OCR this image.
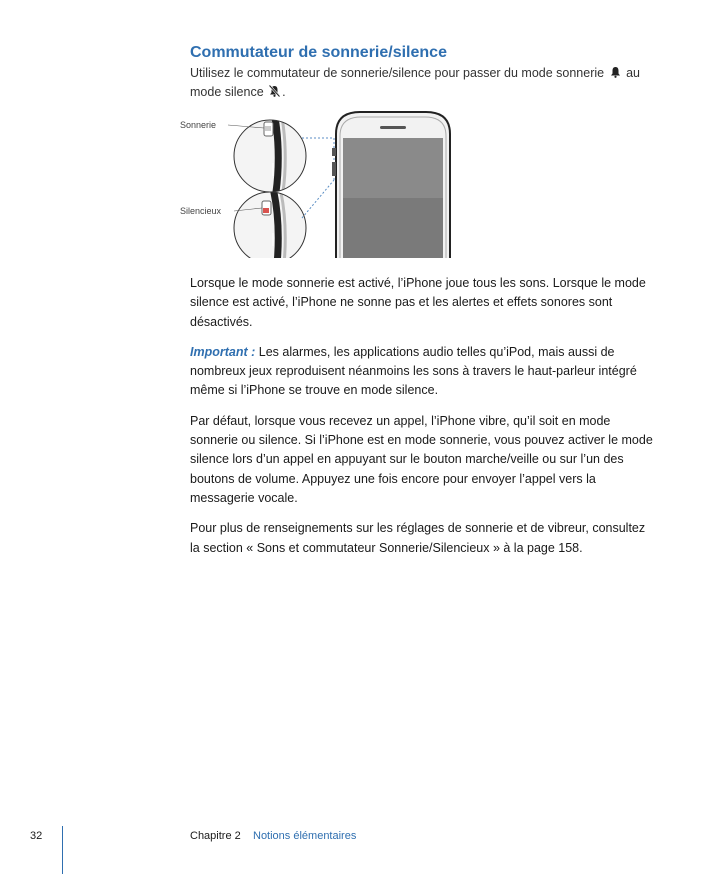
Commutateur de sonnerie/silence
Utilisez le commutateur de sonnerie/silence pour passer du mode sonnerie  au
mode silence .
Sonnerie
Silencieux

Lorsque le mode sonnerie est activé, l’iPhone joue tous les sons. Lorsque le mode silence est activé, l’iPhone ne sonne pas et les alertes et effets sonores sont désactivés.

Important : Les alarmes, les applications audio telles qu’iPod, mais aussi de nombreux jeux reproduisent néanmoins les sons à travers le haut-parleur intégré même si l’iPhone se trouve en mode silence.

Par défaut, lorsque vous recevez un appel, l’iPhone vibre, qu’il soit en mode sonnerie ou silence. Si l’iPhone est en mode sonnerie, vous pouvez activer le mode silence lors d’un appel en appuyant sur le bouton marche/veille ou sur l’un des boutons de volume. Appuyez une fois encore pour envoyer l’appel vers la messagerie vocale.

Pour plus de renseignements sur les réglages de sonnerie et de vibreur, consultez la section « Sons et commutateur Sonnerie/Silencieux » à la page 158.

32	Chapitre 2 Notions élémentaires
